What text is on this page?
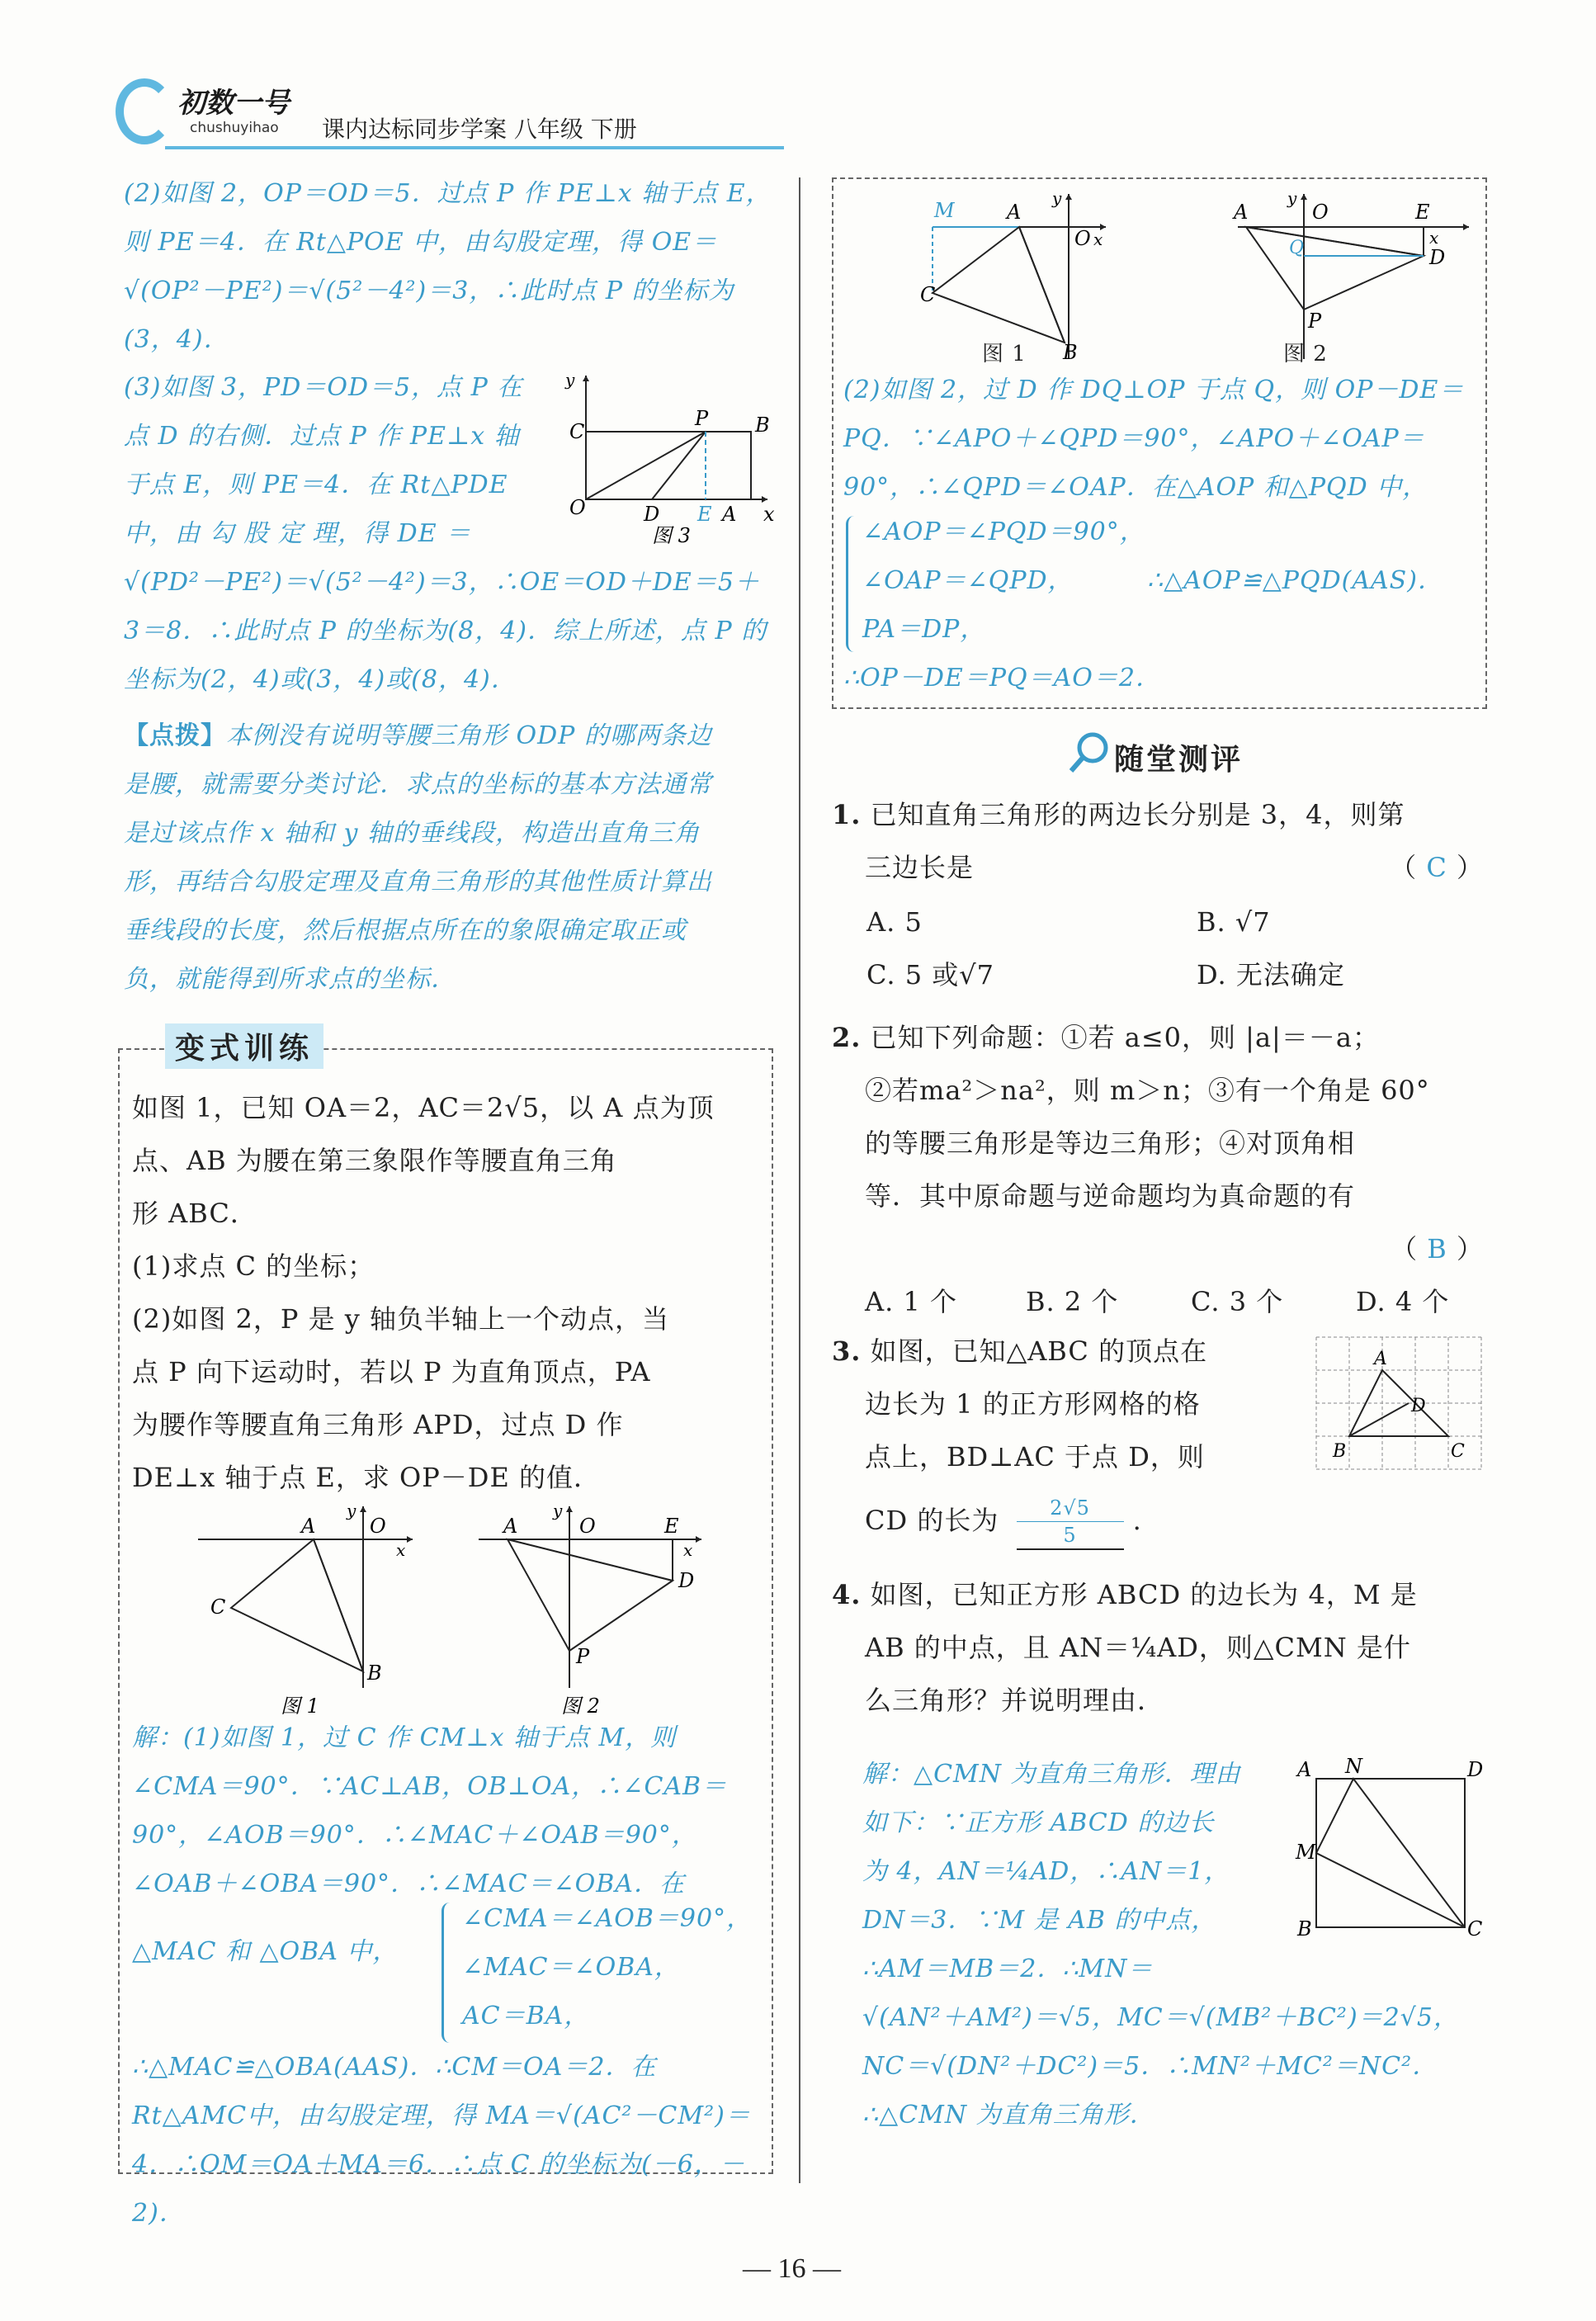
初数一号
chushuyihao 课内达标同步学案 八年级 下册
(2)如图 2，OP＝OD＝5．过点 P 作 PE⊥x 轴于点 E，
则 PE＝4．在 Rt△POE 中，由勾股定理，得 OE＝
√(OP²－PE²)＝√(5²－4²)＝3，∴此时点 P 的坐标为
(3，4)．
(3)如图 3，PD＝OD＝5，点 P 在
点 D 的右侧．过点 P 作 PE⊥x 轴
于点 E，则 PE＝4．在 Rt△PDE
中，由 勾 股 定 理，得 DE ＝
√(PD²－PE²)＝√(5²－4²)＝3，∴OE＝OD＋DE＝5＋
3＝8．∴此时点 P 的坐标为(8，4)．综上所述，点 P 的
坐标为(2，4)或(3，4)或(8，4)．
O
C
P B
D E A x
y
图 3
【点拨】本例没有说明等腰三角形 ODP 的哪两条边
是腰，就需要分类讨论．求点的坐标的基本方法通常
是过该点作 x 轴和 y 轴的垂线段，构造出直角三角
形，再结合勾股定理及直角三角形的其他性质计算出
垂线段的长度，然后根据点所在的象限确定取正或
负，就能得到所求点的坐标．
变式训练
如图 1，已知 OA＝2，AC＝2√5，以 A 点为顶
点、AB 为腰在第三象限作等腰直角三角
形 ABC．
(1)求点 C 的坐标；
(2)如图 2，P 是 y 轴负半轴上一个动点，当
点 P 向下运动时，若以 P 为直角顶点，PA
为腰作等腰直角三角形 APD，过点 D 作
DE⊥x 轴于点 E，求 OP－DE 的值．
A	O
x
y
C
B
图 1
A	O	E
x
D
y
P
图 2
解：(1)如图 1，过 C 作 CM⊥x 轴于点 M，则
∠CMA＝90°．∵AC⊥AB，OB⊥OA，∴∠CAB＝
90°，∠AOB＝90°．∴∠MAC＋∠OAB＝90°，
∠OAB＋∠OBA＝90°．∴∠MAC＝∠OBA．在
△MAC 和 △OBA 中，
∠CMA＝∠AOB＝90°，
∠MAC＝∠OBA，
AC＝BA，
∴△MAC≌△OBA(AAS)．∴CM＝OA＝2．在
Rt△AMC中，由勾股定理，得 MA＝√(AC²－CM²)＝
4．∴OM＝OA＋MA＝6．∴点 C 的坐标为(－6，－2)．
M	A
O x
y
C
B
图 1
A	O	E
x
D
y
Q
P
图 2
(2)如图 2，过 D 作 DQ⊥OP 于点 Q，则 OP－DE＝
PQ．∵∠APO＋∠QPD＝90°，∠APO＋∠OAP＝
90°，∴∠QPD＝∠OAP．在△AOP 和△PQD 中，
∠AOP＝∠PQD＝90°，
∠OAP＝∠QPD，
PA＝DP，
∴△AOP≌△PQD(AAS)．
∴OP－DE＝PQ＝AO＝2．
随堂测评
1. 已知直角三角形的两边长分别是 3，4，则第
三边长是	（ C ）
A. 5	B. √7
C. 5 或√7	D. 无法确定
2. 已知下列命题：①若 a≤0，则 |a|＝－a；
②若ma²＞na²，则 m＞n；③有一个角是 60°
的等腰三角形是等边三角形；④对顶角相
等．其中原命题与逆命题均为真命题的有
（ B ）
A. 1 个	B. 2 个	C. 3 个	D. 4 个
3. 如图，已知△ABC 的顶点在
边长为 1 的正方形网格的格
点上，BD⊥AC 于点 D，则
CD 的长为 $\frac{2√5}{5}$ .
A
B	C
D
4. 如图，已知正方形 ABCD 的边长为 4，M 是
AB 的中点，且 AN＝¼AD，则△CMN 是什
么三角形？并说明理由．
解：△CMN 为直角三角形．理由
如下：∵正方形 ABCD 的边长
为 4，AN＝¼AD，∴AN＝1，
DN＝3．∵M 是 AB 的中点，
∴AM＝MB＝2．∴MN＝
√(AN²＋AM²)＝√5，MC＝√(MB²＋BC²)＝2√5，
NC＝√(DN²＋DC²)＝5．∴MN²＋MC²＝NC²．
∴△CMN 为直角三角形．
A N	D
M
B	C
— 16 —
